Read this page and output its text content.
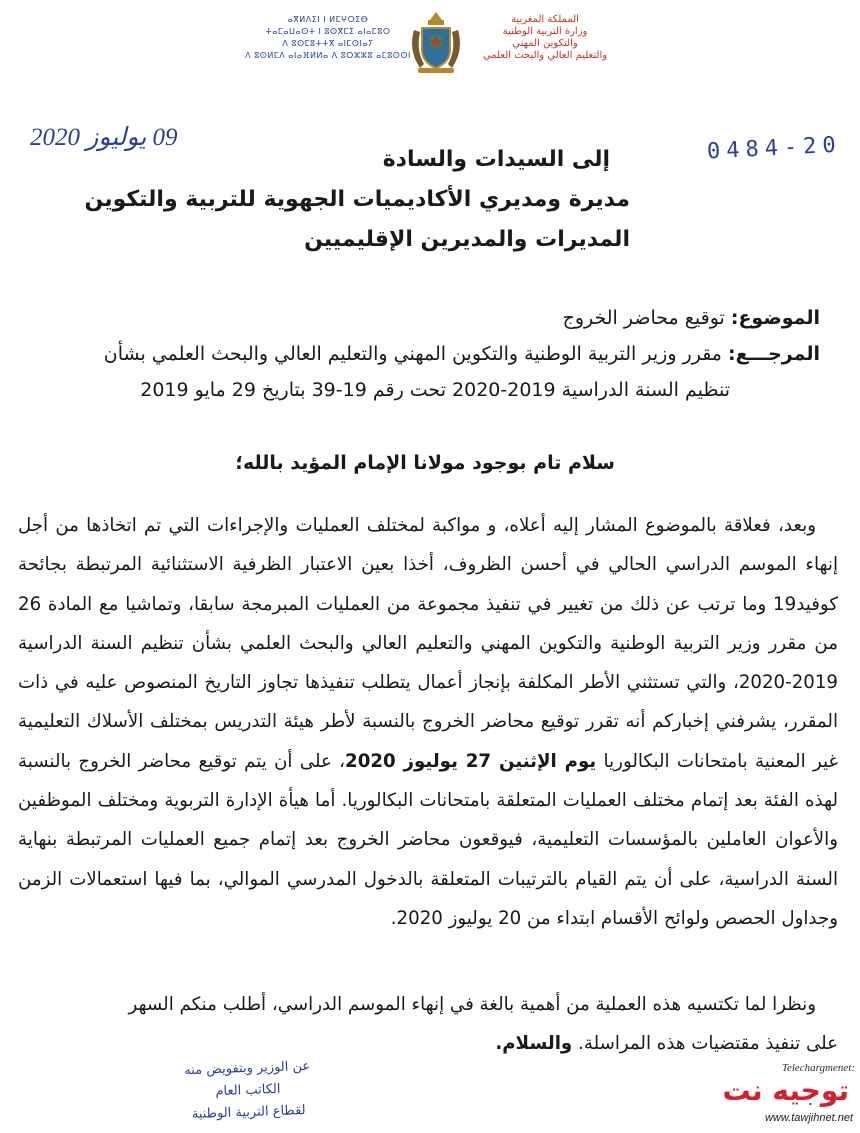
ⴰⴳⵍⴷⵉⵏ ⵏ ⵍⵎⵖⵔⵉⴱ
ⵜⴰⵎⴰⵡⴰⵙⵜ ⵏ ⵓⵙⴳⵎⵉ ⴰⵏⴰⵎⵓⵔ
ⴷ ⵓⵙⵎⵓⵜⵜⴳ ⴰⵏⵎⵙⵏⴰⵢ
ⴷ ⵓⵙⵍⵎⴷ ⴰⵏⴰⴼⵍⵍⴰ ⴷ ⵓⵔⵣⵣⵓ ⴰⵎⵓⵙⵙⵏ
المملكة المغربية
وزارة التربية الوطنية
والتكوين المهني
والتعليم العالي والبحث العلمي
09 يوليوز 2020	0484-20
إلى السيدات والسادة
مديرة ومديري الأكاديميات الجهوية للتربية والتكوين
المديرات والمديرين الإقليميين
الموضوع: توقيع محاضر الخروج
المرجـــع: مقرر وزير التربية الوطنية والتكوين المهني والتعليم العالي والبحث العلمي بشأن
تنظيم السنة الدراسية 2019-2020 تحت رقم 19-39 بتاريخ 29 مايو 2019
سلام تام بوجود مولانا الإمام المؤيد بالله؛

وبعد، فعلاقة بالموضوع المشار إليه أعلاه، و مواكبة لمختلف العمليات والإجراءات التي تم اتخاذها من أجل إنهاء الموسم الدراسي الحالي في أحسن الظروف، أخذا بعين الاعتبار الظرفية الاستثنائية المرتبطة بجائحة كوفيد19 وما ترتب عن ذلك من تغيير في تنفيذ مجموعة من العمليات المبرمجة سابقا، وتماشيا مع المادة 26 من مقرر وزير التربية الوطنية والتكوين المهني والتعليم العالي والبحث العلمي بشأن تنظيم السنة الدراسية 2019-2020، والتي تستثني الأطر المكلفة بإنجاز أعمال يتطلب تنفيذها تجاوز التاريخ المنصوص عليه في ذات المقرر، يشرفني إخباركم أنه تقرر توقيع محاضر الخروج بالنسبة لأطر هيئة التدريس بمختلف الأسلاك التعليمية غير المعنية بامتحانات البكالوريا يوم الإثنين 27 يوليوز 2020، على أن يتم توقيع محاضر الخروج بالنسبة لهذه الفئة بعد إتمام مختلف العمليات المتعلقة بامتحانات البكالوريا. أما هيأة الإدارة التربوية ومختلف الموظفين والأعوان العاملين بالمؤسسات التعليمية، فيوقعون محاضر الخروج بعد إتمام جميع العمليات المرتبطة بنهاية السنة الدراسية، على أن يتم القيام بالترتيبات المتعلقة بالدخول المدرسي الموالي، بما فيها استعمالات الزمن وجداول الحصص ولوائح الأقسام ابتداء من 20 يوليوز 2020.

ونظرا لما تكتسيه هذه العملية من أهمية بالغة في إنهاء الموسم الدراسي، أطلب منكم السهر

على تنفيذ مقتضيات هذه المراسلة. والسلام.

عن الوزير وبتفويض منه
الكاتب العام
لقطاع التربية الوطنية
Telechargmenet:
توجيه نت
www.tawjihnet.net
